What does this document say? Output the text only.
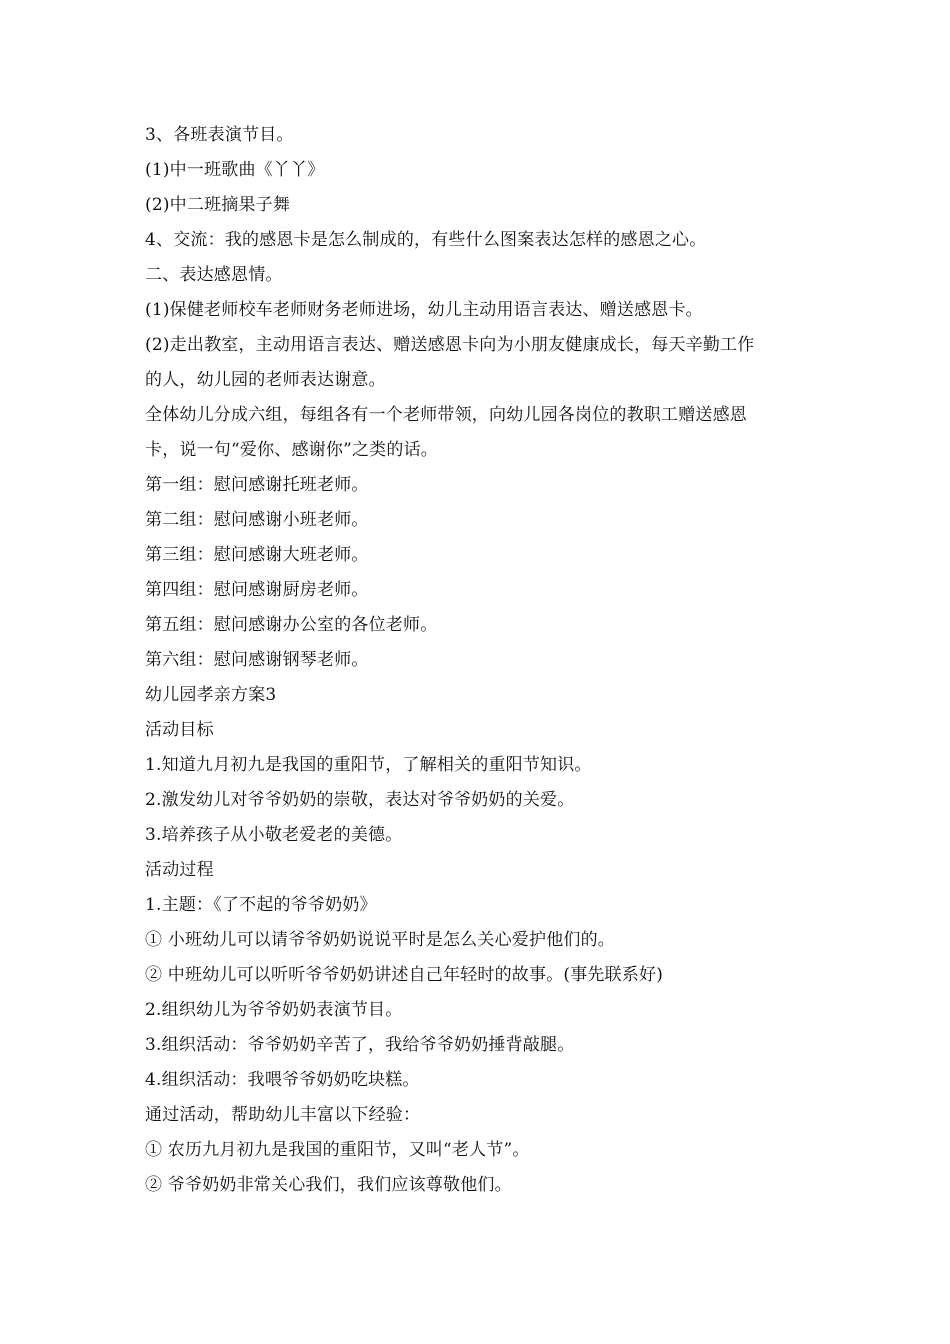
3、各班表演节目。
(1)中一班歌曲《丫丫》
(2)中二班摘果子舞
4、交流：我的感恩卡是怎么制成的，有些什么图案表达怎样的感恩之心。
二、表达感恩情。
(1)保健老师校车老师财务老师进场，幼儿主动用语言表达、赠送感恩卡。
(2)走出教室，主动用语言表达、赠送感恩卡向为小朋友健康成长，每天辛勤工作
的人，幼儿园的老师表达谢意。
全体幼儿分成六组，每组各有一个老师带领，向幼儿园各岗位的教职工赠送感恩
卡，说一句“爱你、感谢你”之类的话。
第一组：慰问感谢托班老师。
第二组：慰问感谢小班老师。
第三组：慰问感谢大班老师。
第四组：慰问感谢厨房老师。
第五组：慰问感谢办公室的各位老师。
第六组：慰问感谢钢琴老师。
幼儿园孝亲方案3
活动目标
1.知道九月初九是我国的重阳节，了解相关的重阳节知识。
2.激发幼儿对爷爷奶奶的崇敬，表达对爷爷奶奶的关爱。
3.培养孩子从小敬老爱老的美德。
活动过程
1.主题：《了不起的爷爷奶奶》
① 小班幼儿可以请爷爷奶奶说说平时是怎么关心爱护他们的。
② 中班幼儿可以听听爷爷奶奶讲述自己年轻时的故事。(事先联系好)
2.组织幼儿为爷爷奶奶表演节目。
3.组织活动：爷爷奶奶辛苦了，我给爷爷奶奶捶背敲腿。
4.组织活动：我喂爷爷奶奶吃块糕。
通过活动，帮助幼儿丰富以下经验：
① 农历九月初九是我国的重阳节，又叫“老人节”。
② 爷爷奶奶非常关心我们，我们应该尊敬他们。
